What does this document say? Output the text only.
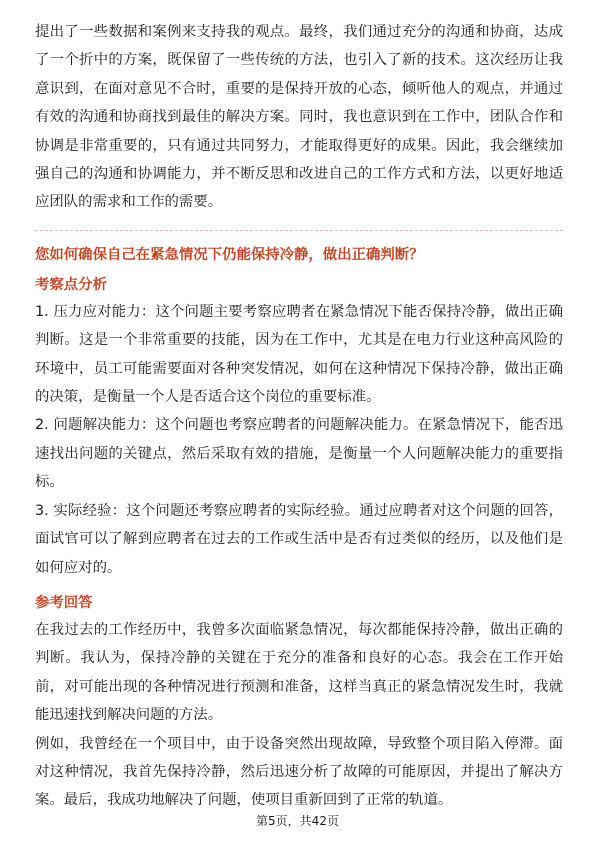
提出了一些数据和案例来支持我的观点。最终，我们通过充分的沟通和协商，达成了一个折中的方案，既保留了一些传统的方法，也引入了新的技术。这次经历让我意识到，在面对意见不合时，重要的是保持开放的心态，倾听他人的观点，并通过有效的沟通和协商找到最佳的解决方案。同时，我也意识到在工作中，团队合作和协调是非常重要的，只有通过共同努力，才能取得更好的成果。因此，我会继续加强自己的沟通和协调能力，并不断反思和改进自己的工作方式和方法，以更好地适应团队的需求和工作的需要。

您如何确保自己在紧急情况下仍能保持冷静，做出正确判断？

考察点分析

1. 压力应对能力：这个问题主要考察应聘者在紧急情况下能否保持冷静，做出正确判断。这是一个非常重要的技能，因为在工作中，尤其是在电力行业这种高风险的环境中，员工可能需要面对各种突发情况，如何在这种情况下保持冷静，做出正确的决策，是衡量一个人是否适合这个岗位的重要标准。

2. 问题解决能力：这个问题也考察应聘者的问题解决能力。在紧急情况下，能否迅速找出问题的关键点，然后采取有效的措施，是衡量一个人问题解决能力的重要指标。

3. 实际经验：这个问题还考察应聘者的实际经验。通过应聘者对这个问题的回答，面试官可以了解到应聘者在过去的工作或生活中是否有过类似的经历，以及他们是如何应对的。

参考回答

在我过去的工作经历中，我曾多次面临紧急情况，每次都能保持冷静，做出正确的判断。我认为，保持冷静的关键在于充分的准备和良好的心态。我会在工作开始前，对可能出现的各种情况进行预测和准备，这样当真正的紧急情况发生时，我就能迅速找到解决问题的方法。

例如，我曾经在一个项目中，由于设备突然出现故障，导致整个项目陷入停滞。面对这种情况，我首先保持冷静，然后迅速分析了故障的可能原因，并提出了解决方案。最后，我成功地解决了问题，使项目重新回到了正常的轨道。

第5页，共42页
